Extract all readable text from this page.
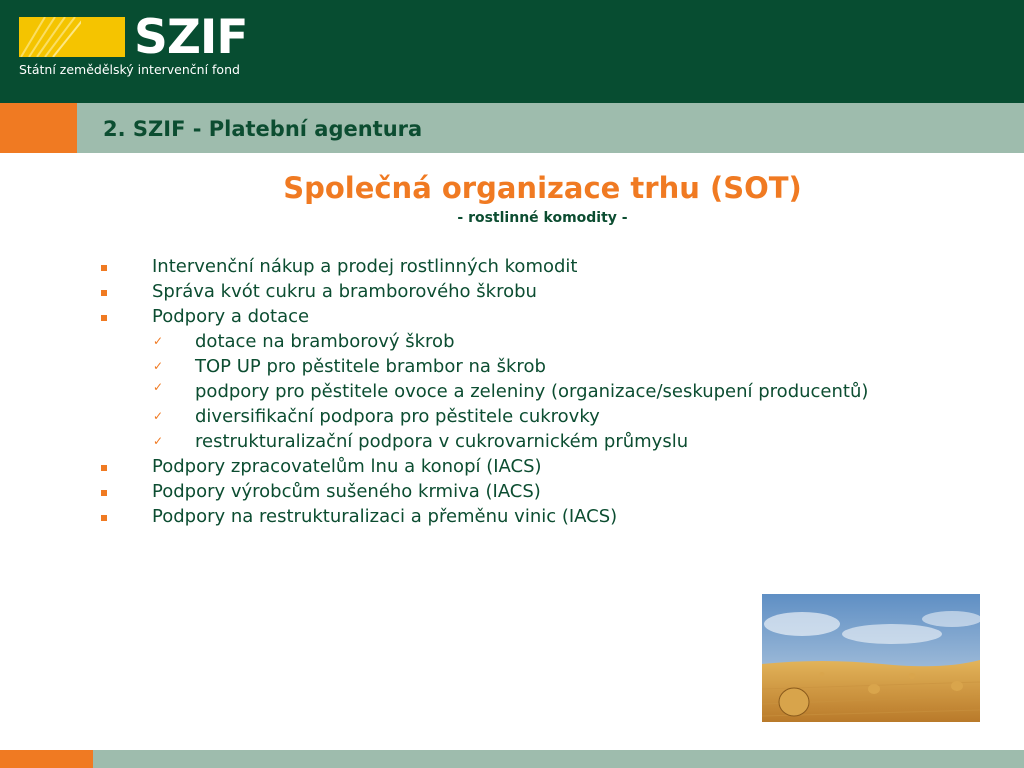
SZIF
Státní zemědělský intervenční fond
2. SZIF - Platební agentura
Společná organizace trhu (SOT)
- rostlinné komodity -
Intervenční nákup a prodej rostlinných komodit
Správa kvót cukru a bramborového škrobu
Podpory a dotace
✓ dotace na bramborový škrob
✓ TOP UP pro pěstitele brambor na škrob
✓ podpory pro pěstitele ovoce a zeleniny (organizace/seskupení producentů)
✓ diversifikační podpora pro pěstitele cukrovky
✓ restrukturalizační podpora v cukrovarnickém průmyslu
Podpory zpracovatelům lnu a konopí (IACS)
Podpory výrobcům sušeného krmiva (IACS)
Podpory na restrukturalizaci a přeměnu vinic (IACS)
